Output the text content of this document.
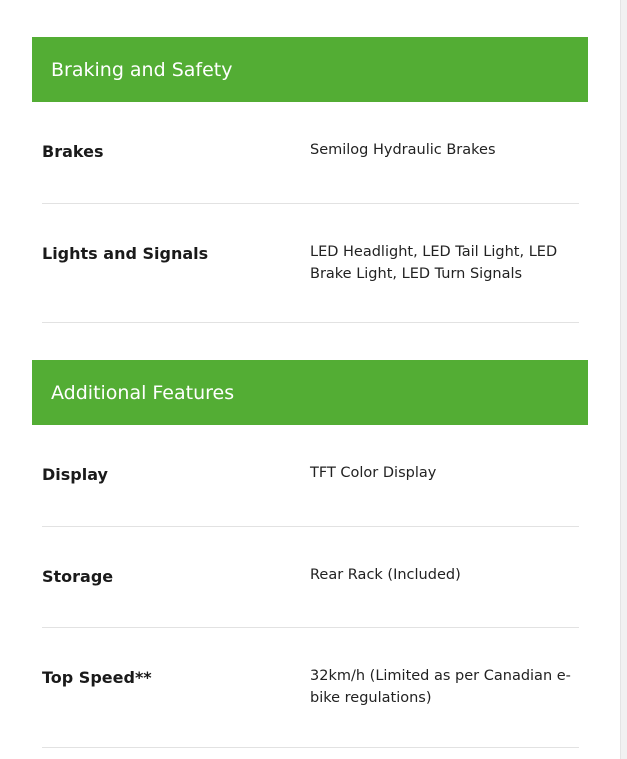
Braking and Safety
Brakes	Semilog Hydraulic Brakes
Lights and Signals	LED Headlight, LED Tail Light, LED Brake Light, LED Turn Signals
Additional Features
Display	TFT Color Display
Storage	Rear Rack (Included)
Top Speed**	32km/h (Limited as per Canadian e-bike regulations)
